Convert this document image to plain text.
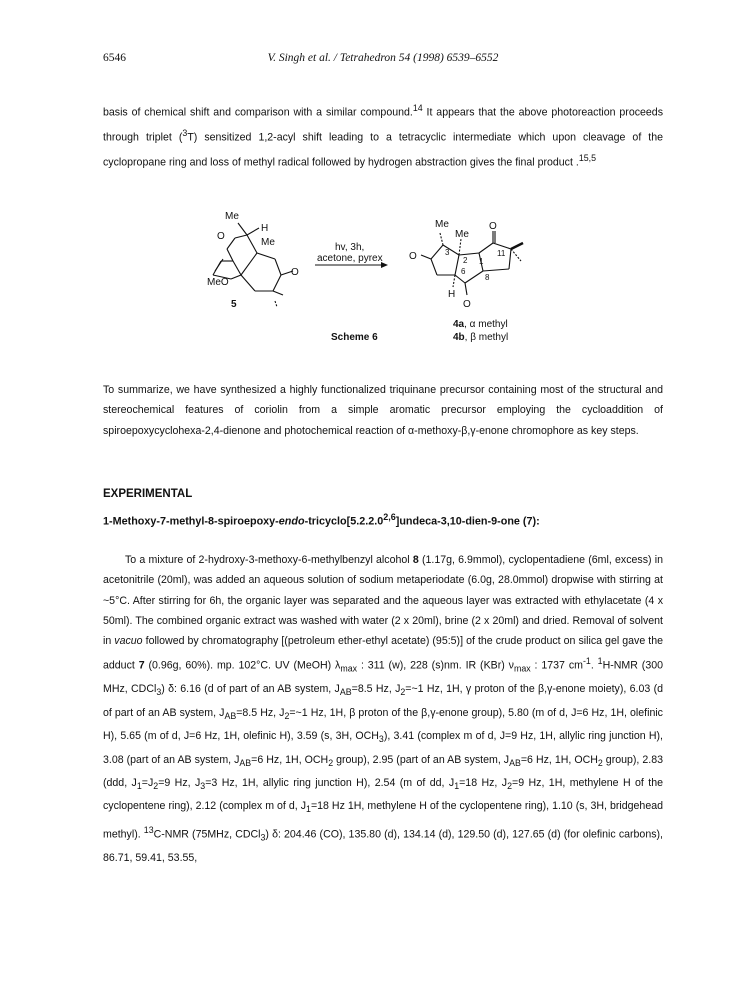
6546	V. Singh et al. / Tetrahedron 54 (1998) 6539–6552

basis of chemical shift and comparison with a similar compound.$^{14}$ It appears that the above photoreaction proceeds through triplet ($^3$T) sensitized 1,2-acyl shift leading to a tetracyclic intermediate which upon cleavage of the cyclopropane ring and loss of methyl radical followed by hydrogen abstraction gives the final product .$^{15,5}$

Me
H
Me
O
MeO
O
5
hv, 3h,
acetone, pyrex
Me
Me
O
O
O
H
3
2 1
11
6
8
4a, α methyl
4b, β methyl
Scheme 6

To summarize, we have synthesized a highly functionalized triquinane precursor containing most of the structural and stereochemical features of coriolin from a simple aromatic precursor employing the cycloaddition of spiroepoxycyclohexa-2,4-dienone and photochemical reaction of α-methoxy-β,γ-enone chromophore as key steps.

EXPERIMENTAL
1-Methoxy-7-methyl-8-spiroepoxy-endo-tricyclo[5.2.2.0$^{2,6}$]undeca-3,10-dien-9-one (7):

To a mixture of 2-hydroxy-3-methoxy-6-methylbenzyl alcohol 8 (1.17g, 6.9mmol), cyclopentadiene (6ml, excess) in acetonitrile (20ml), was added an aqueous solution of sodium metaperiodate (6.0g, 28.0mmol) dropwise with stirring at ~5°C. After stirring for 6h, the organic layer was separated and the aqueous layer was extracted with ethylacetate (4 x 50ml). The combined organic extract was washed with water (2 x 20ml), brine (2 x 20ml) and dried. Removal of solvent in vacuo followed by chromatography [(petroleum ether-ethyl acetate) (95:5)] of the crude product on silica gel gave the adduct 7 (0.96g, 60%). mp. 102°C. UV (MeOH) $\lambda_{max}$ : 311 (w), 228 (s)nm. IR (KBr) $\nu_{max}$ : 1737 $cm^{-1}$. $^1$H-NMR (300 MHz, CDCl$_3$) δ: 6.16 (d of part of an AB system, $J_{AB}=8.5$ Hz, $J_2=\sim 1$ Hz, 1H, γ proton of the β,γ-enone moiety), 6.03 (d of part of an AB system, $J_{AB}=8.5$ Hz, $J_2=\sim 1$ Hz, 1H, β proton of the β,γ-enone group), 5.80 (m of d, J=6 Hz, 1H, olefinic H), 5.65 (m of d, J=6 Hz, 1H, olefinic H), 3.59 (s, 3H, $OCH_3$), 3.41 (complex m of d, J=9 Hz, 1H, allylic ring junction H), 3.08 (part of an AB system, $J_{AB}=6$ Hz, 1H, $OCH_2$ group), 2.95 (part of an AB system, $J_{AB}=6$ Hz, 1H, $OCH_2$ group), 2.83 (ddd, $J_1=J_2=9$ Hz, $J_3=3$ Hz, 1H, allylic ring junction H), 2.54 (m of dd, $J_1=18$ Hz, $J_2=9$ Hz, 1H, methylene H of the cyclopentene ring), 2.12 (complex m of d, $J_1=18$ Hz 1H, methylene H of the cyclopentene ring), 1.10 (s, 3H, bridgehead methyl). $^{13}$C-NMR (75MHz, CDCl$_3$) δ: 204.46 (CO), 135.80 (d), 134.14 (d), 129.50 (d), 127.65 (d) (for olefinic carbons), 86.71, 59.41, 53.55,
